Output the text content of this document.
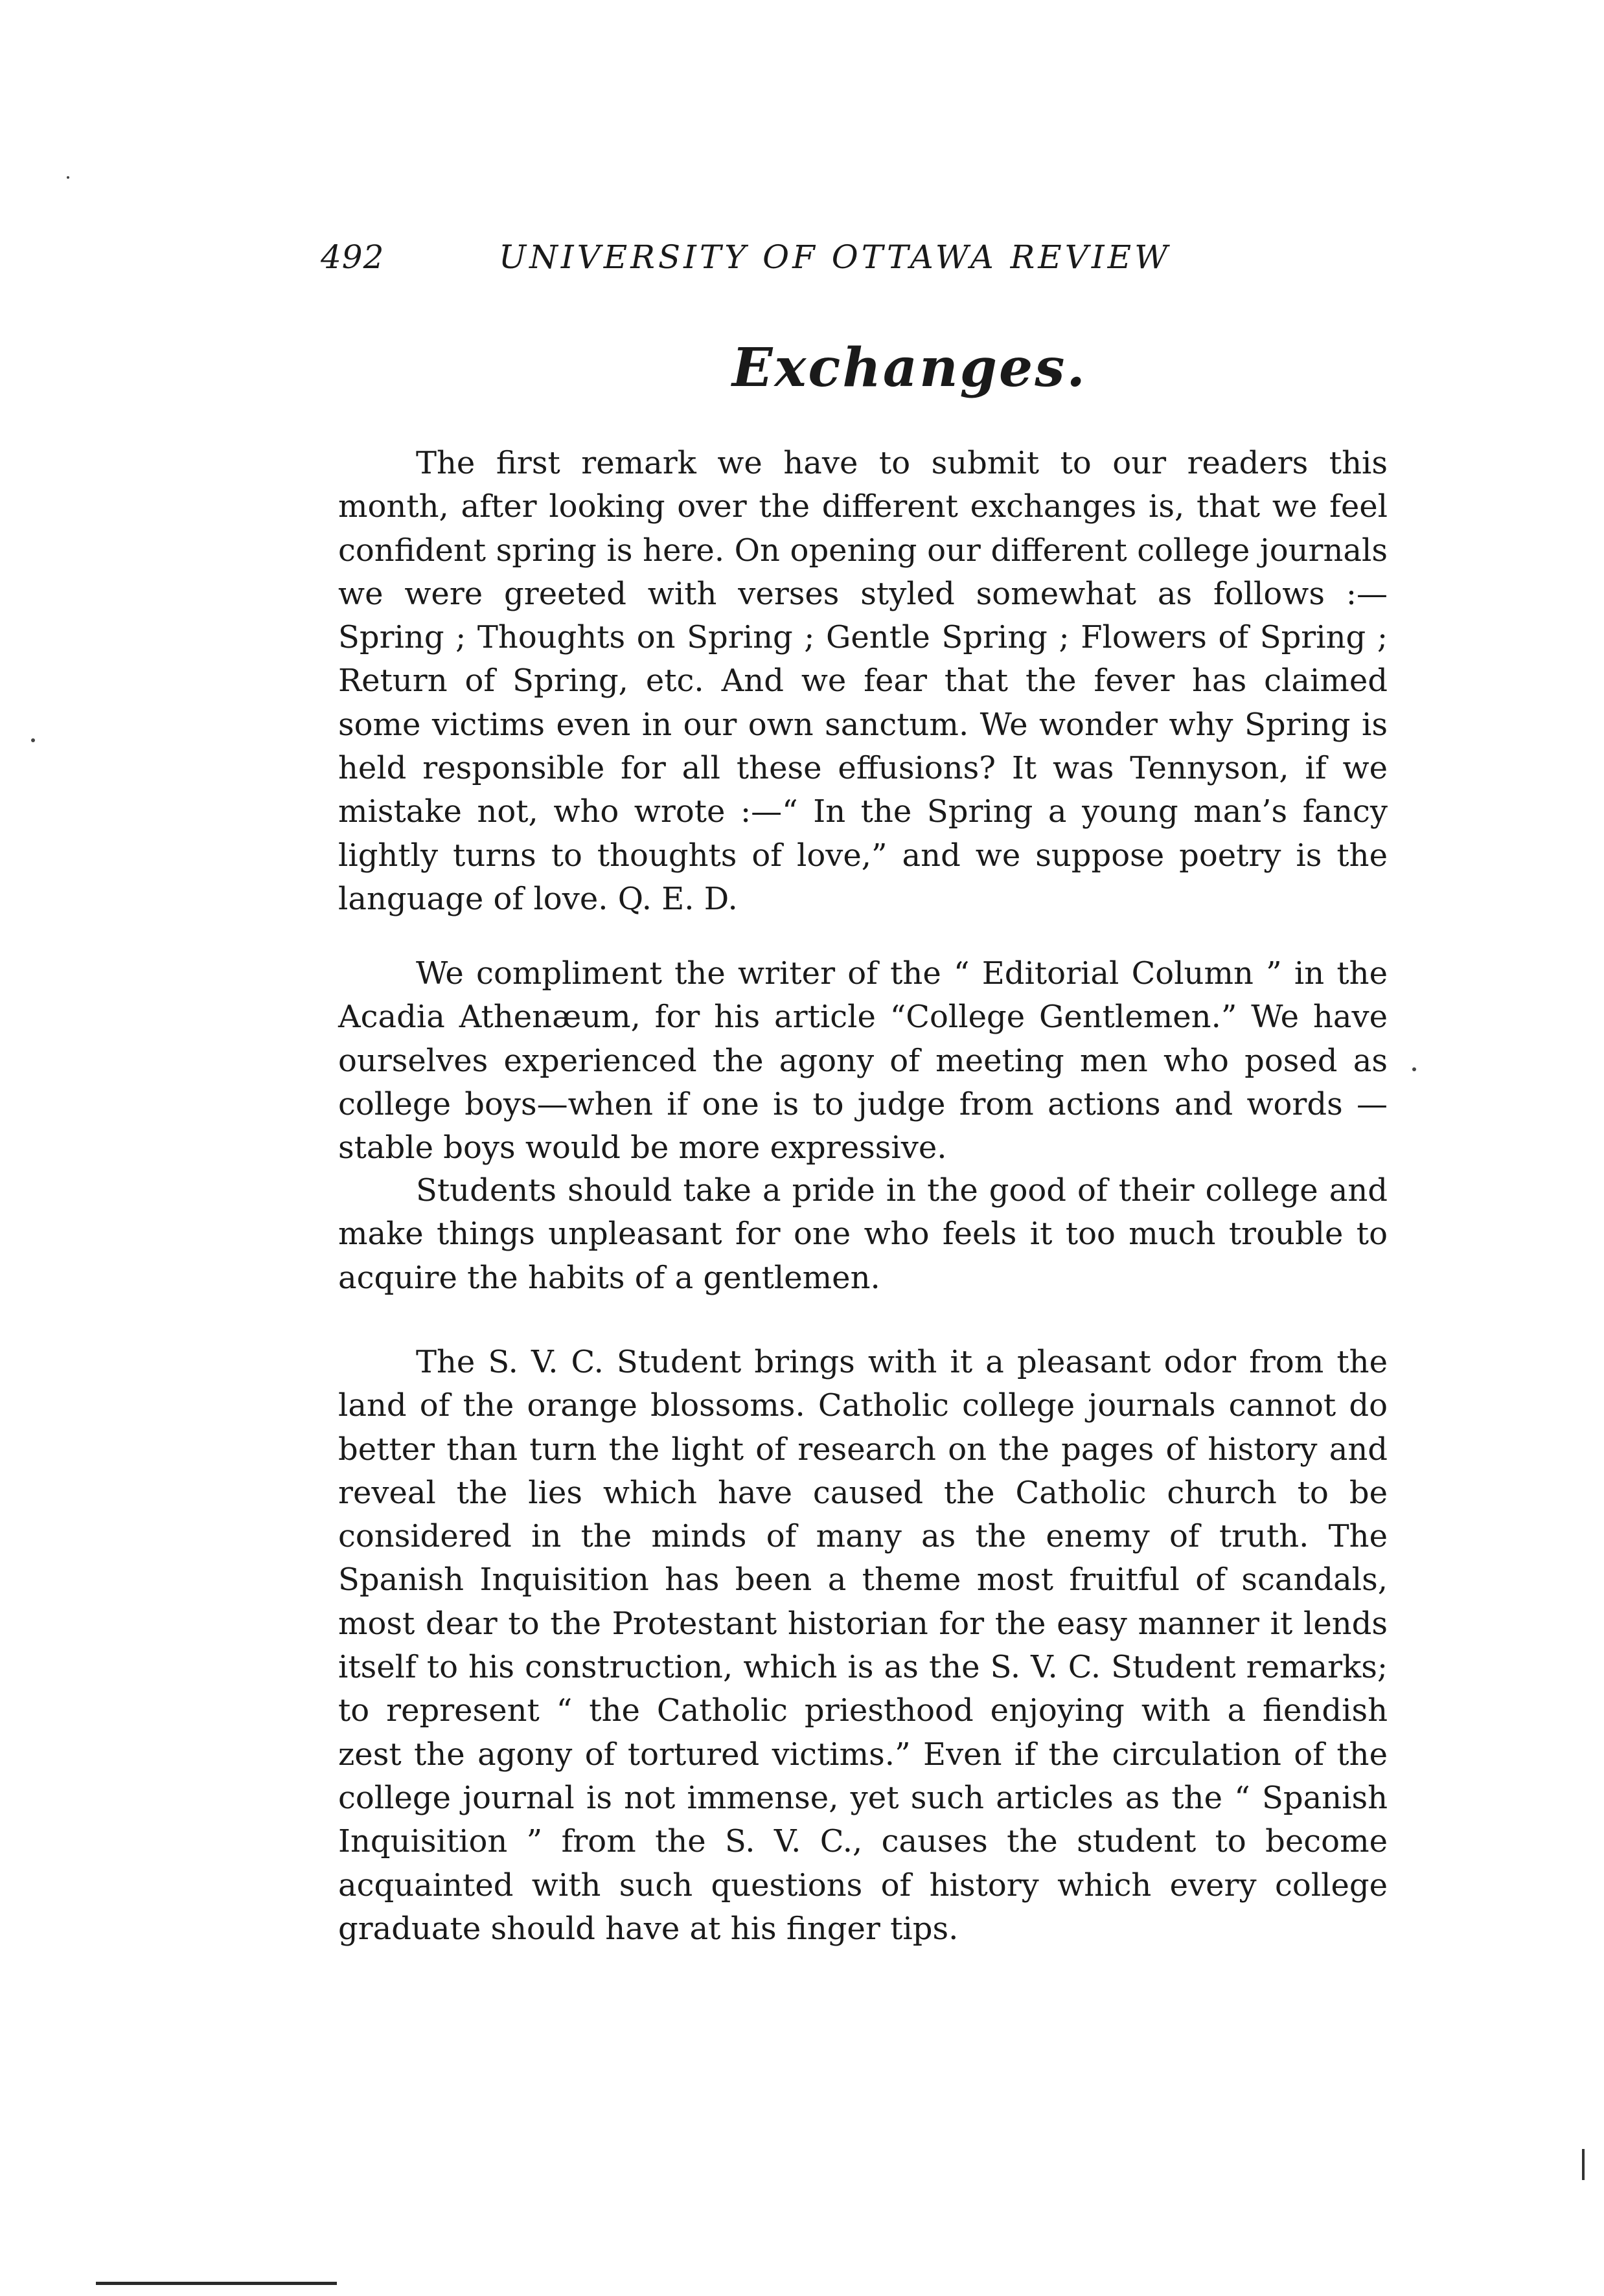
492	UNIVERSITY OF OTTAWA REVIEW
Exchanges.

The first remark we have to submit to our readers this month, after looking over the different exchanges is, that we feel confident spring is here. On opening our different college journals we were greeted with verses styled somewhat as follows :—Spring ; Thoughts on Spring ; Gentle Spring ; Flowers of Spring ; Return of Spring, etc. And we fear that the fever has claimed some victims even in our own sanctum. We wonder why Spring is held responsible for all these effusions? It was Tennyson, if we mistake not, who wrote :—“ In the Spring a young man’s fancy lightly turns to thoughts of love,” and we suppose poetry is the language of love. Q. E. D.

We compliment the writer of the “ Editorial Column ” in the Acadia Athenæum, for his article “College Gentlemen.” We have ourselves experienced the agony of meeting men who posed as college boys—when if one is to judge from actions and words —stable boys would be more expressive.

Students should take a pride in the good of their college and make things unpleasant for one who feels it too much trouble to acquire the habits of a gentlemen.

The S. V. C. Student brings with it a pleasant odor from the land of the orange blossoms. Catholic college journals cannot do better than turn the light of research on the pages of history and reveal the lies which have caused the Catholic church to be considered in the minds of many as the enemy of truth. The Spanish Inquisition has been a theme most fruitful of scandals, most dear to the Protestant historian for the easy manner it lends itself to his construction, which is as the S. V. C. Student remarks; to represent “ the Catholic priesthood enjoying with a fiendish zest the agony of tortured victims.” Even if the circulation of the college journal is not immense, yet such articles as the “ Spanish Inquisition ” from the S. V. C., causes the student to become acquainted with such questions of history which every college graduate should have at his finger tips.
